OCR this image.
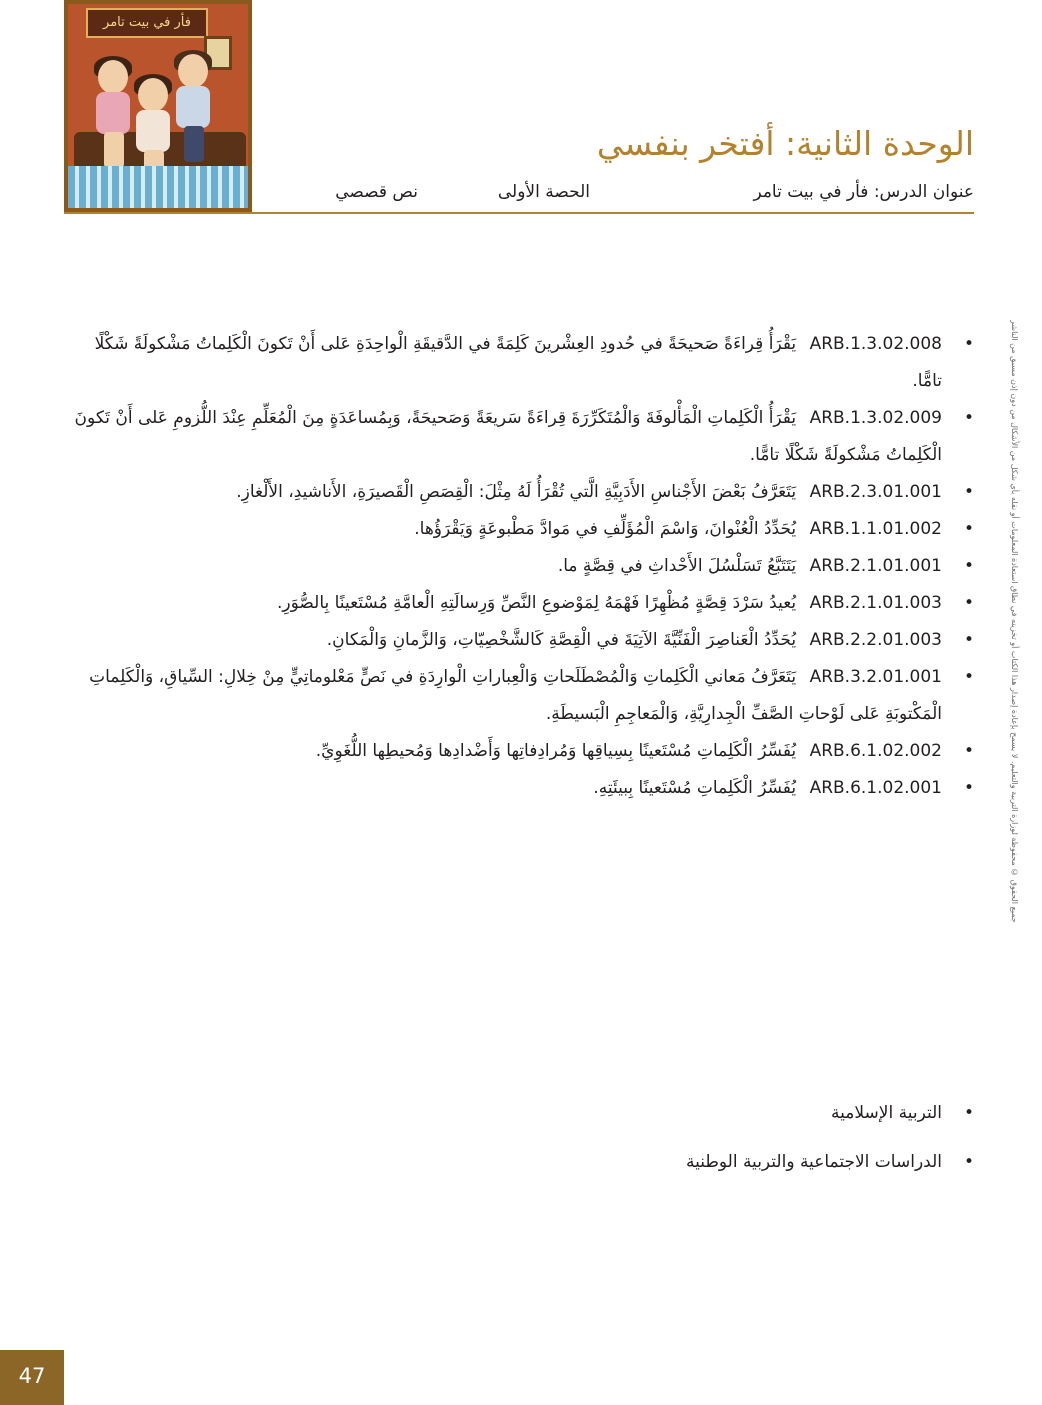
فأر في بيت تامر
الوحدة الثانية: أفتخر بنفسي
عنوان الدرس: فأر في بيت تامر
الحصة الأولى
نص قصصي
جميع الحقوق © محفوظة لوزارة التربية والتعليم. لا يسمح بإعادة إصدار هذا الكتاب أو تخزينه في نطاق استعادة المعلومات أو نقله بأي شكل من الأشكال من دون إذن مسبق من الناشر
•
ARB.1.3.02.008 يَقْرَأُ قِراءَةً صَحيحَةً في حُدودِ العِشْرينَ كَلِمَةً في الدَّقيقَةِ الْواحِدَةِ عَلى أَنْ تَكونَ الْكَلِماتُ مَشْكولَةً شَكْلًا تامًّا.
•
ARB.1.3.02.009 يَقْرَأُ الْكَلِماتِ الْمَأْلوفَةَ وَالْمُتَكَرِّرَةَ قِراءَةً سَريعَةً وَصَحيحَةً، وَبِمُساعَدَةٍ مِنَ الْمُعَلِّمِ عِنْدَ اللُّزومِ عَلى أَنْ تَكونَ الْكَلِماتُ مَشْكولَةً شَكْلًا تامًّا.
•
ARB.2.3.01.001 يَتَعَرَّفُ بَعْضَ الأَجْناسِ الأَدَبِيَّةِ الَّتي تُقْرَأُ لَهُ مِثْلَ: الْقِصَصِ الْقَصيرَةِ، الأَناشيدِ، الأَلْغازِ.
•
ARB.1.1.01.002 يُحَدِّدُ الْعُنْوانَ، وَاسْمَ الْمُؤَلِّفِ في مَوادَّ مَطْبوعَةٍ وَيَقْرَؤُها.
•
ARB.2.1.01.001 يَتَتَبَّعُ تَسَلْسُلَ الأَحْداثِ في قِصَّةٍ ما.
•
ARB.2.1.01.003 يُعيدُ سَرْدَ قِصَّةٍ مُظْهِرًا فَهْمَهُ لِمَوْضوعِ النَّصِّ وَرِسالَتِهِ الْعامَّةِ مُسْتَعينًا بِالصُّوَرِ.
•
ARB.2.2.01.003 يُحَدِّدُ الْعَناصِرَ الْفَنِّيَّةَ الآتِيَةَ في الْقِصَّةِ كَالشَّخْصِيّاتِ، وَالزَّمانِ وَالْمَكانِ.
•
ARB.3.2.01.001 يَتَعَرَّفُ مَعاني الْكَلِماتِ وَالْمُصْطَلَحاتِ وَالْعِباراتِ الْوارِدَةِ في نَصٍّ مَعْلوماتِيٍّ مِنْ خِلالِ: السِّياقِ، وَالْكَلِماتِ الْمَكْتوبَةِ عَلى لَوْحاتِ الصَّفِّ الْجِدارِيَّةِ، وَالْمَعاجِمِ الْبَسيطَةِ.
•
ARB.6.1.02.002 يُفَسِّرُ الْكَلِماتِ مُسْتَعينًا بِسِياقِها وَمُرادِفاتِها وَأَضْدادِها وَمُحيطِها اللُّغَوِيِّ.
•
ARB.6.1.02.001 يُفَسِّرُ الْكَلِماتِ مُسْتَعينًا بِبيئَتِهِ.
•
التربية الإسلامية
•
الدراسات الاجتماعية والتربية الوطنية
47
